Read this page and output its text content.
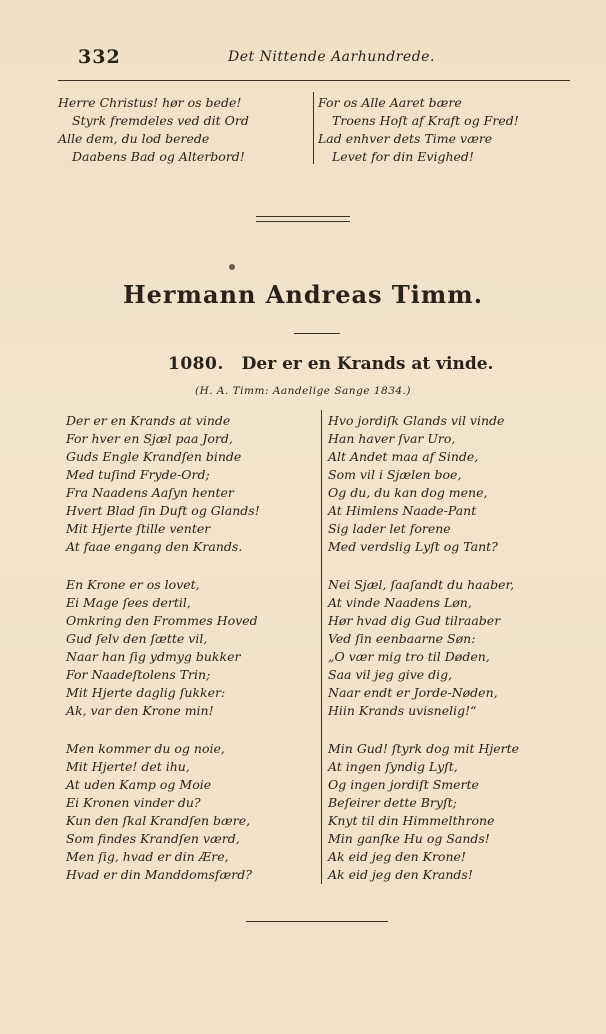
332	Det Nittende Aarhundrede.
Herre Christus! hør os bede!
Styrk fremdeles ved dit Ord
Alle dem, du lod berede
Daabens Bad og Alterbord!
For os Alle Aaret bære
Troens Hoſt af Kraft og Fred!
Lad enhver dets Time være
Levet for din Evighed!
Hermann Andreas Timm.
1080. Der er en Krands at vinde.
(H. A. Timm: Aandelige Sange 1834.)
Der er en Krands at vinde
For hver en Sjæl paa Jord,
Guds Engle Krandſen binde
Med tuſind Fryde-Ord;
Fra Naadens Aaſyn henter
Hvert Blad ſin Duft og Glands!
Mit Hjerte ſtille venter
At faae engang den Krands.
En Krone er os lovet,
Ei Mage ſees dertil,
Omkring den Frommes Hoved
Gud ſelv den ſætte vil,
Naar han ſig ydmyg bukker
For Naadeſtolens Trin;
Mit Hjerte daglig ſukker:
Ak, var den Krone min!
Men kommer du og noie,
Mit Hjerte! det ihu,
At uden Kamp og Moie
Ei Kronen vinder du?
Kun den ſkal Krandſen bære,
Som findes Krandſen værd,
Men ſig, hvad er din Ære,
Hvad er din Manddomsfærd?
Hvo jordiſk Glands vil vinde
Han haver ſvar Uro,
Alt Andet maa af Sinde,
Som vil i Sjælen boe,
Og du, du kan dog mene,
At Himlens Naade-Pant
Sig lader let forene
Med verdslig Lyſt og Tant?
Nei Sjæl, ſaaſandt du haaber,
At vinde Naadens Løn,
Hør hvad dig Gud tilraaber
Ved ſin eenbaarne Søn:
„O vær mig tro til Døden,
Saa vil jeg give dig,
Naar endt er Jorde-Nøden,
Hiin Krands uvisnelig!“
Min Gud! ſtyrk dog mit Hjerte
At ingen ſyndig Lyſt,
Og ingen jordiſt Smerte
Beſeirer dette Bryſt;
Knyt til din Himmelthrone
Min ganſke Hu og Sands!
Ak eid jeg den Krone!
Ak eid jeg den Krands!
